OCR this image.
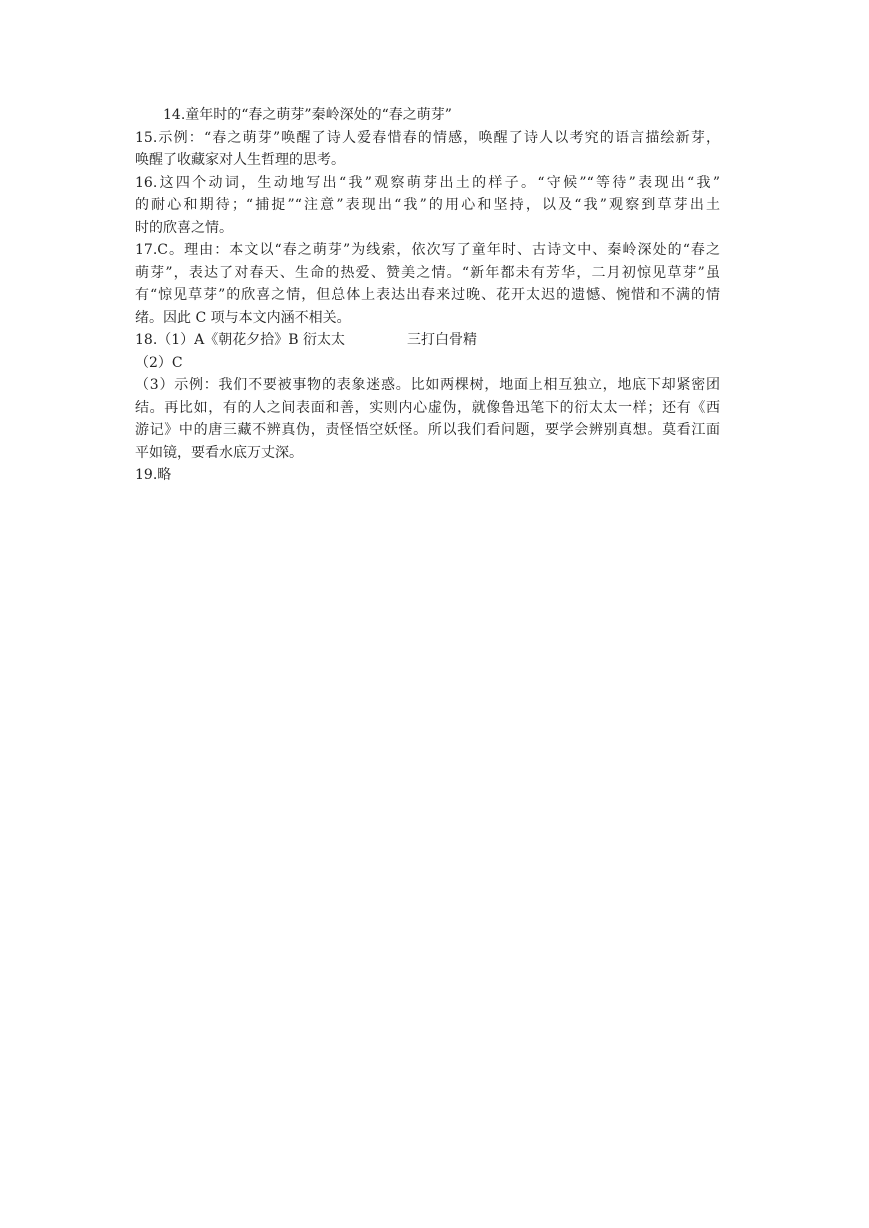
14.童年时的“春之萌芽”秦岭深处的“春之萌芽”
15.示例：“春之萌芽”唤醒了诗人爱春惜春的情感，唤醒了诗人以考究的语言描绘新芽，
唤醒了收藏家对人生哲理的思考。
16.这四个动词，生动地写出“我”观察萌芽出土的样子。“守候”“等待”表现出“我”
的耐心和期待；“捕捉”“注意”表现出“我”的用心和坚持，以及“我”观察到草芽出土
时的欣喜之情。
17.C。理由：本文以“春之萌芽”为线索，依次写了童年时、古诗文中、秦岭深处的“春之
萌芽”，表达了对春天、生命的热爱、赞美之情。“新年都未有芳华，二月初惊见草芽”虽
有“惊见草芽”的欣喜之情，但总体上表达出春来过晚、花开太迟的遗憾、惋惜和不满的情
绪。因此 C 项与本文内涵不相关。
18.（1）A《朝花夕拾》B 衍太太	三打白骨精
（2）C
（3）示例：我们不要被事物的表象迷惑。比如两棵树，地面上相互独立，地底下却紧密团
结。再比如，有的人之间表面和善，实则内心虚伪，就像鲁迅笔下的衍太太一样；还有《西
游记》中的唐三藏不辨真伪，责怪悟空妖怪。所以我们看问题，要学会辨别真想。莫看江面
平如镜，要看水底万丈深。
19.略
